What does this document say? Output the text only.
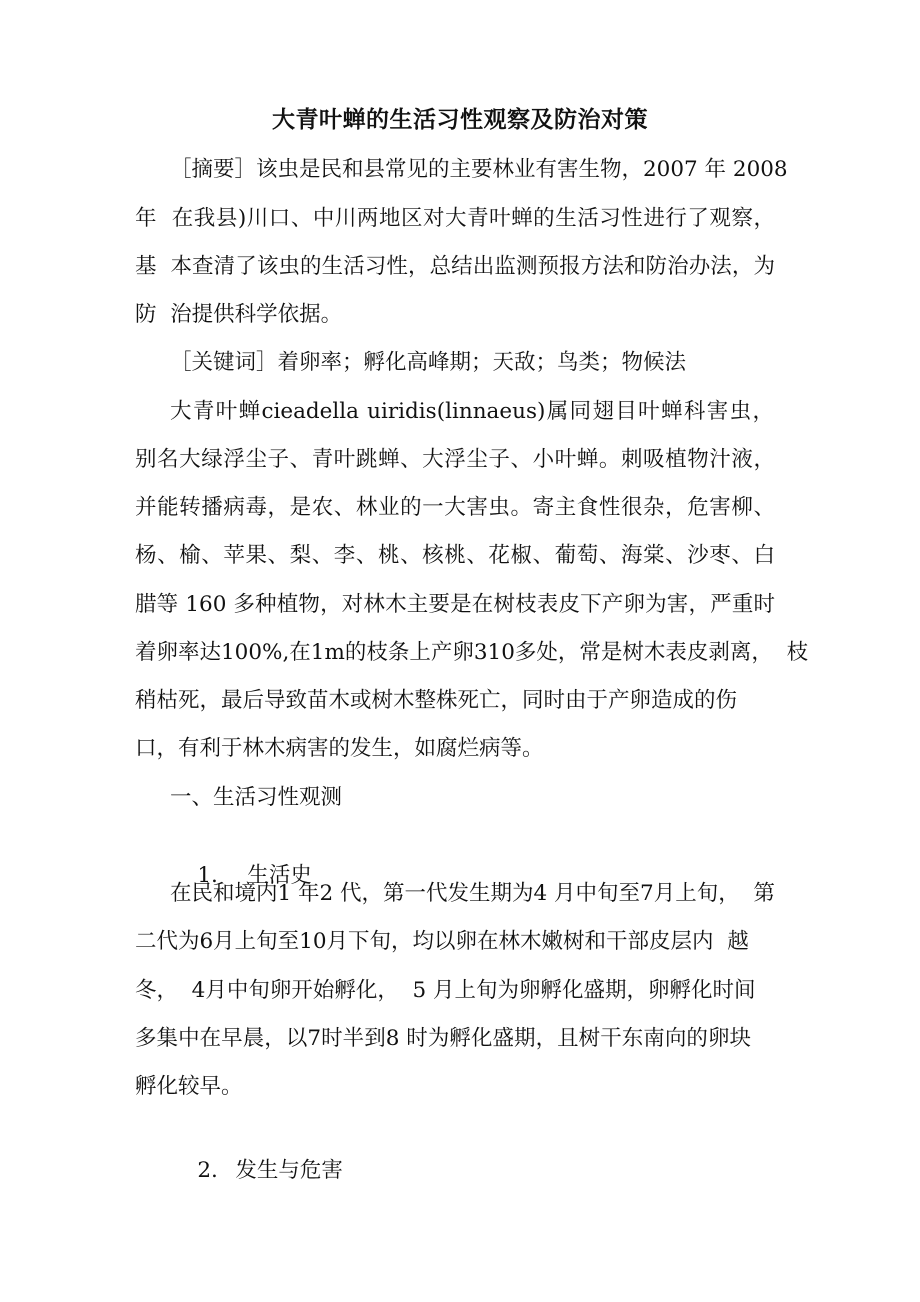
大青叶蝉的生活习性观察及防治对策
［摘要］该虫是民和县常见的主要林业有害生物，2007 年 2008
年  在我县)川口、中川两地区对大青叶蝉的生活习性进行了观察，
基  本查清了该虫的生活习性，总结出监测预报方法和防治办法，为
防  治提供科学依据。
［关键词］着卵率；孵化高峰期；天敌；鸟类；物候法
大青叶蝉cieadella uiridis(linnaeus)属同翅目叶蝉科害虫，
别名大绿浮尘子、青叶跳蝉、大浮尘子、小叶蝉。刺吸植物汁液，
并能转播病毒，是农、林业的一大害虫。寄主食性很杂，危害柳、
杨、榆、苹果、梨、李、桃、核桃、花椒、葡萄、海棠、沙枣、白
腊等 160 多种植物，对林木主要是在树枝表皮下产卵为害，严重时
着卵率达100%,在1m的枝条上产卵310多处，常是树木表皮剥离，  枝
稍枯死，最后导致苗木或树木整株死亡，同时由于产卵造成的伤
口，有利于林木病害的发生，如腐烂病等。
一、生活习性观测

1. 生活史

在民和境内1 年2 代，第一代发生期为4 月中旬至7月上旬，  第
二代为6月上旬至10月下旬，均以卵在林木嫩树和干部皮层内  越
冬，  4月中旬卵开始孵化，  5 月上旬为卵孵化盛期，卵孵化时间
多集中在早晨，以7时半到8 时为孵化盛期，且树干东南向的卵块
孵化较早。

2. 发生与危害
